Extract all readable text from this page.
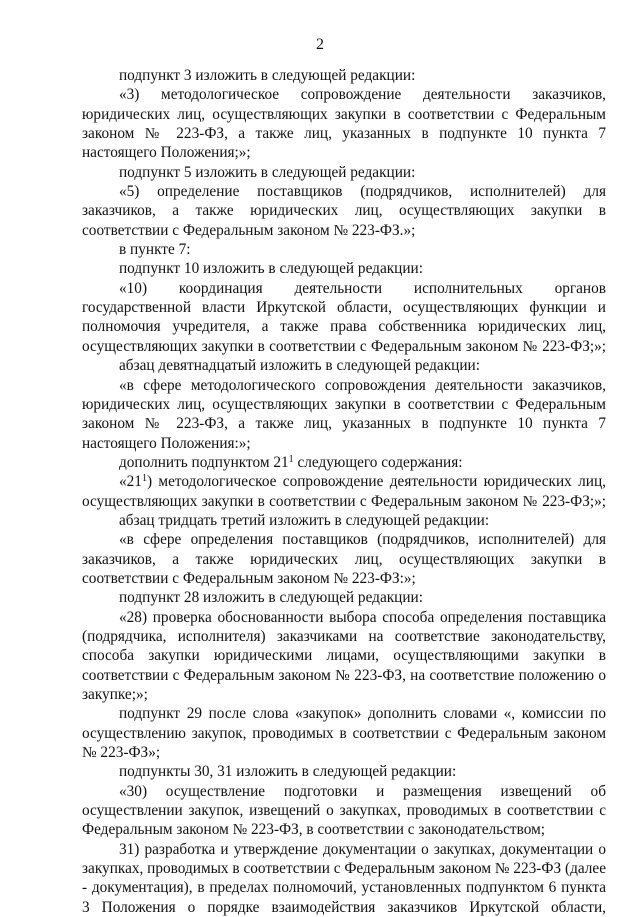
2
подпункт 3 изложить в следующей редакции:
«3) методологическое сопровождение деятельности заказчиков,
юридических лиц, осуществляющих закупки в соответствии с Федеральным
законом № 223-ФЗ, а также лиц, указанных в подпункте 10 пункта 7
настоящего Положения;»;
подпункт 5 изложить в следующей редакции:
«5) определение поставщиков (подрядчиков, исполнителей) для
заказчиков, а также юридических лиц, осуществляющих закупки в
соответствии с Федеральным законом № 223-ФЗ.»;
в пункте 7:
подпункт 10 изложить в следующей редакции:
«10) координация деятельности исполнительных органов
государственной власти Иркутской области, осуществляющих функции и
полномочия учредителя, а также права собственника юридических лиц,
осуществляющих закупки в соответствии с Федеральным законом № 223-ФЗ;»;
абзац девятнадцатый изложить в следующей редакции:
«в сфере методологического сопровождения деятельности заказчиков,
юридических лиц, осуществляющих закупки в соответствии с Федеральным
законом № 223-ФЗ, а также лиц, указанных в подпункте 10 пункта 7
настоящего Положения:»;
дополнить подпунктом $21^1$ следующего содержания:
«$21^1$) методологическое сопровождение деятельности юридических лиц,
осуществляющих закупки в соответствии с Федеральным законом № 223-ФЗ;»;
абзац тридцать третий изложить в следующей редакции:
«в сфере определения поставщиков (подрядчиков, исполнителей) для
заказчиков, а также юридических лиц, осуществляющих закупки в
соответствии с Федеральным законом № 223-ФЗ:»;
подпункт 28 изложить в следующей редакции:
«28) проверка обоснованности выбора способа определения поставщика
(подрядчика, исполнителя) заказчиками на соответствие законодательству,
способа закупки юридическими лицами, осуществляющими закупки в
соответствии с Федеральным законом № 223-ФЗ, на соответствие положению о
закупке;»;
подпункт 29 после слова «закупок» дополнить словами «, комиссии по
осуществлению закупок, проводимых в соответствии с Федеральным законом
№ 223-ФЗ»;
подпункты 30, 31 изложить в следующей редакции:
«30) осуществление подготовки и размещения извещений об
осуществлении закупок, извещений о закупках, проводимых в соответствии с
Федеральным законом № 223-ФЗ, в соответствии с законодательством;
31) разработка и утверждение документации о закупках, документации о
закупках, проводимых в соответствии с Федеральным законом № 223-ФЗ (далее
- документация), в пределах полномочий, установленных подпунктом 6 пункта
3 Положения о порядке взаимодействия заказчиков Иркутской области,
